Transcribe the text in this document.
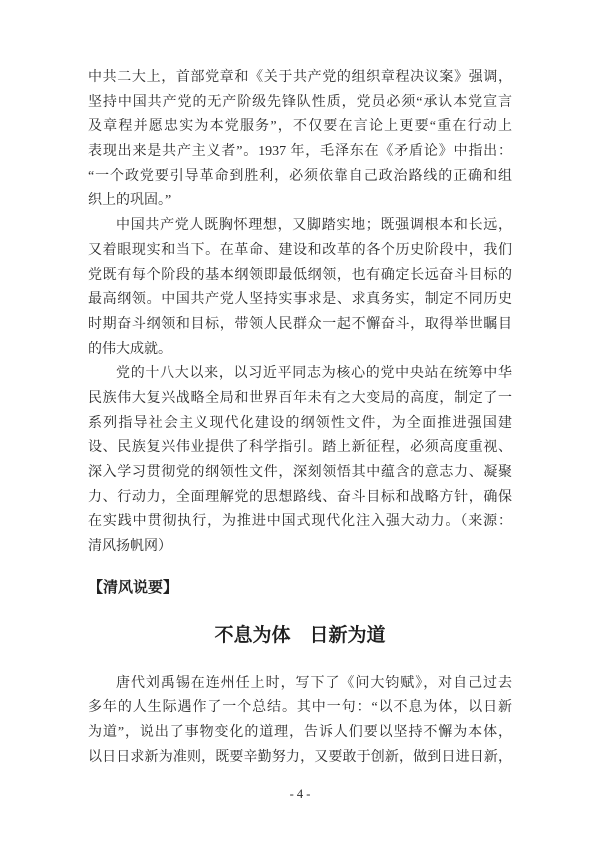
中共二大上，首部党章和《关于共产党的组织章程决议案》强调，
坚持中国共产党的无产阶级先锋队性质，党员必须“承认本党宣言
及章程并愿忠实为本党服务”，不仅要在言论上更要“重在行动上
表现出来是共产主义者”。1937 年，毛泽东在《矛盾论》中指出：
“一个政党要引导革命到胜利，必须依靠自己政治路线的正确和组
织上的巩固。”
中国共产党人既胸怀理想，又脚踏实地；既强调根本和长远，
又着眼现实和当下。在革命、建设和改革的各个历史阶段中，我们
党既有每个阶段的基本纲领即最低纲领，也有确定长远奋斗目标的
最高纲领。中国共产党人坚持实事求是、求真务实，制定不同历史
时期奋斗纲领和目标，带领人民群众一起不懈奋斗，取得举世瞩目
的伟大成就。
党的十八大以来，以习近平同志为核心的党中央站在统筹中华
民族伟大复兴战略全局和世界百年未有之大变局的高度，制定了一
系列指导社会主义现代化建设的纲领性文件，为全面推进强国建
设、民族复兴伟业提供了科学指引。踏上新征程，必须高度重视、
深入学习贯彻党的纲领性文件，深刻领悟其中蕴含的意志力、凝聚
力、行动力，全面理解党的思想路线、奋斗目标和战略方针，确保
在实践中贯彻执行，为推进中国式现代化注入强大动力。（来源：
清风扬帆网）
【清风说要】
不息为体　日新为道
唐代刘禹锡在连州任上时，写下了《问大钧赋》，对自己过去
多年的人生际遇作了一个总结。其中一句：“以不息为体，以日新
为道”，说出了事物变化的道理，告诉人们要以坚持不懈为本体，
以日日求新为准则，既要辛勤努力，又要敢于创新，做到日进日新，
- 4 -
